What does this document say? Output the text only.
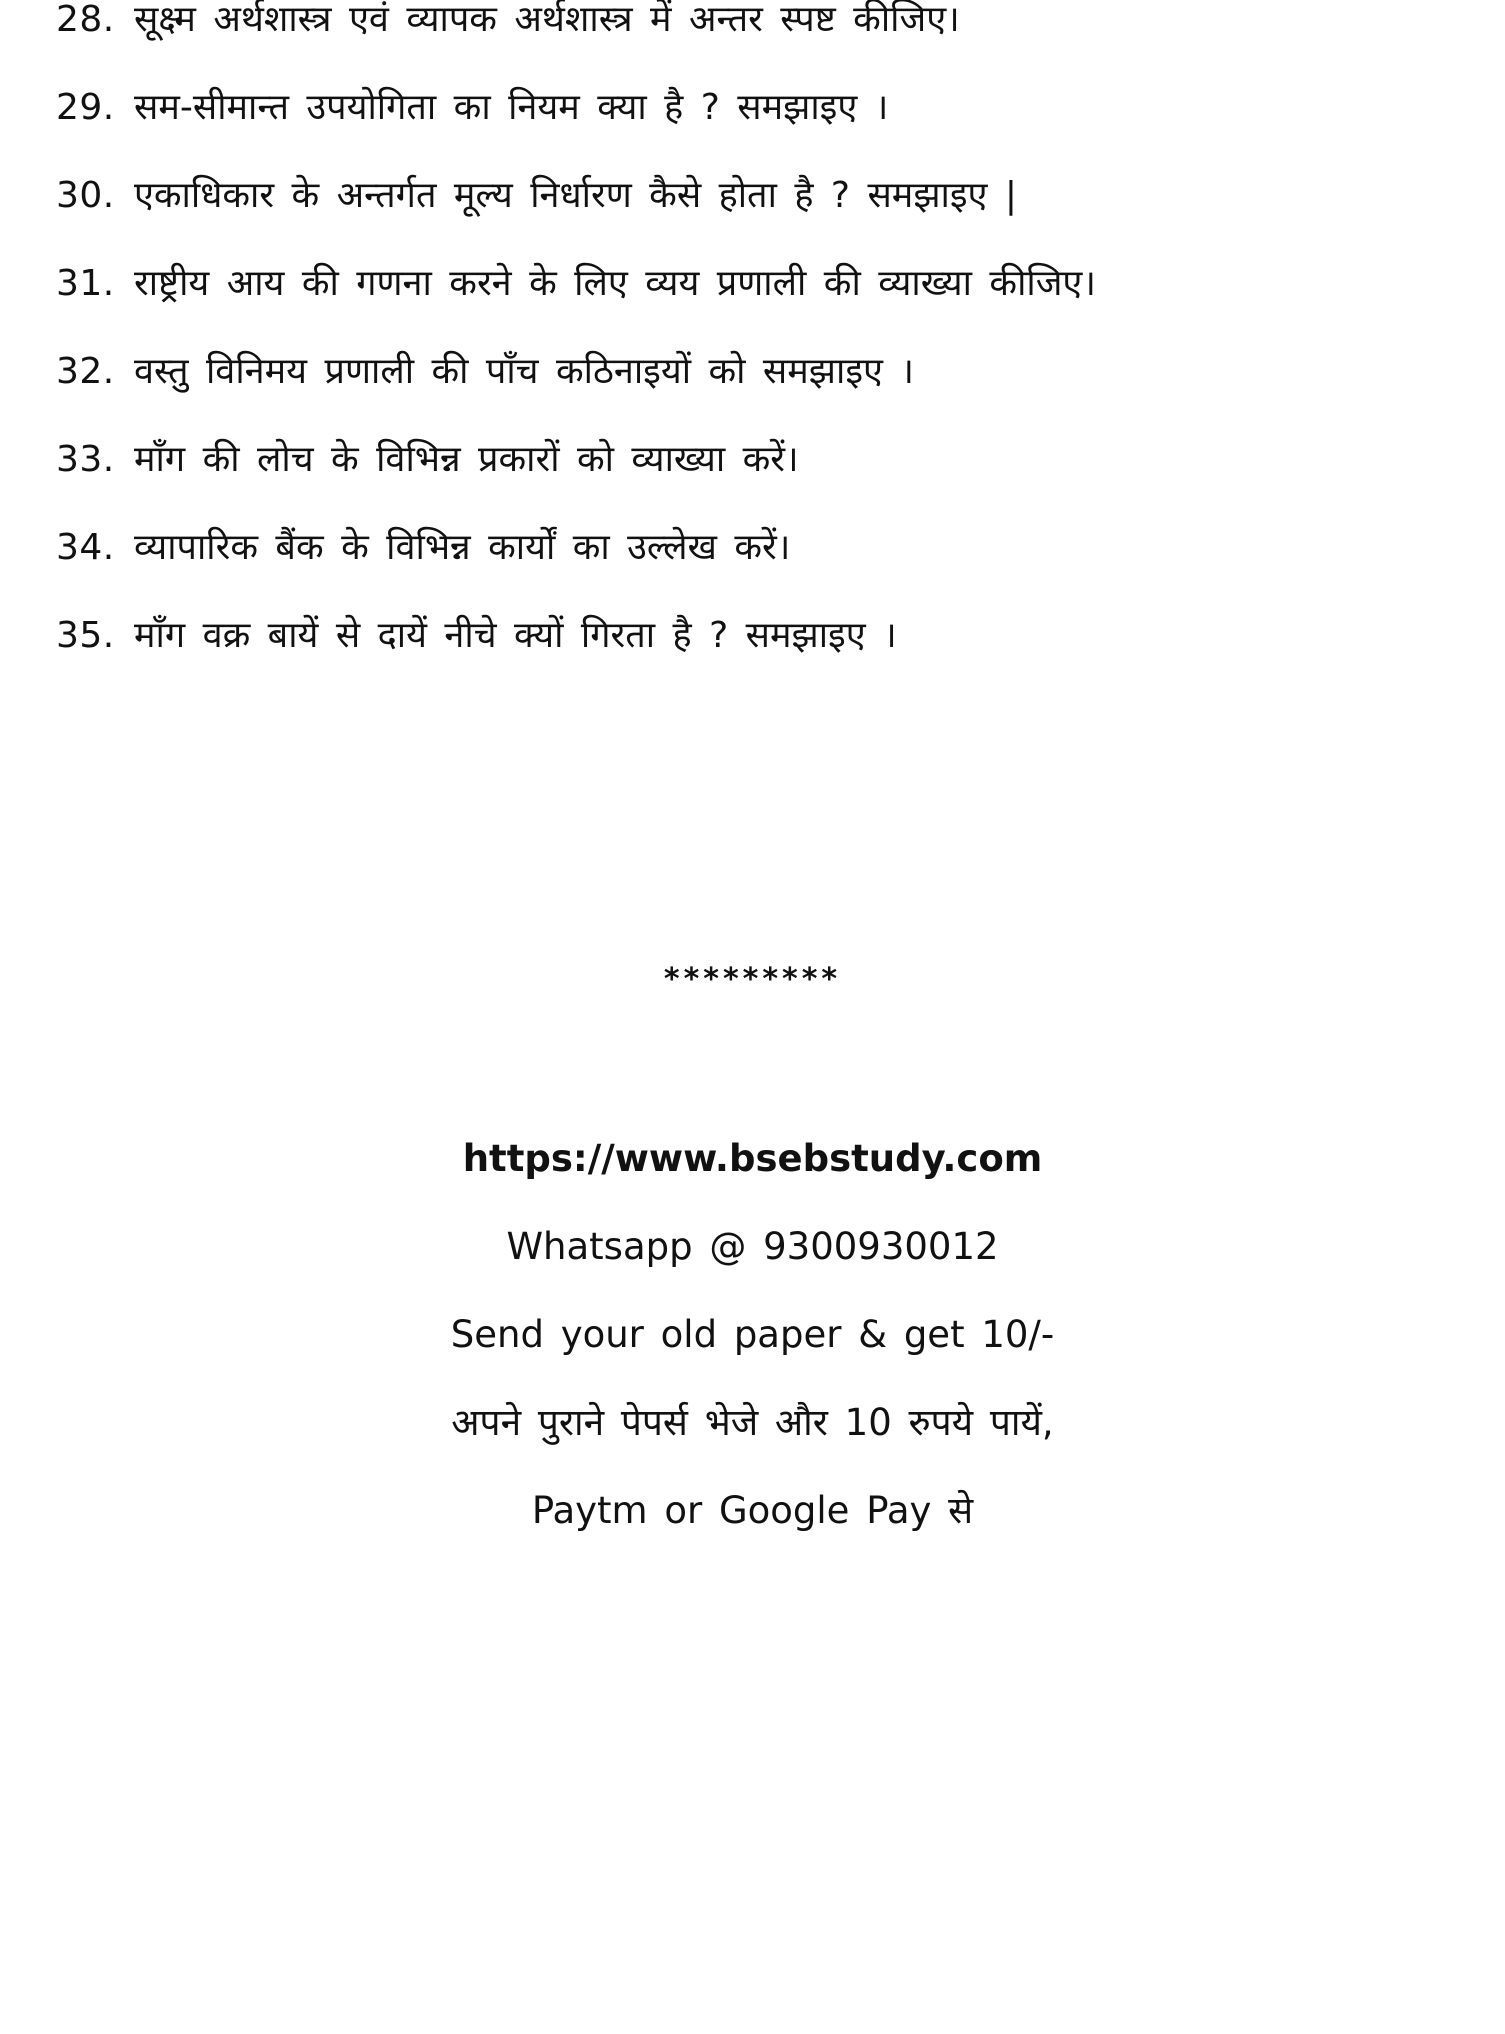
28. सूक्ष्म अर्थशास्त्र एवं व्यापक अर्थशास्त्र में अन्तर स्पष्ट कीजिए।
29. सम-सीमान्त उपयोगिता का नियम क्या है ? समझाइए ।
30. एकाधिकार के अन्तर्गत मूल्य निर्धारण कैसे होता है ? समझाइए |
31. राष्ट्रीय आय की गणना करने के लिए व्यय प्रणाली की व्याख्या कीजिए।
32. वस्तु विनिमय प्रणाली की पाँच कठिनाइयों को समझाइए ।
33. माँग की लोच के विभिन्न प्रकारों को व्याख्या करें।
34. व्यापारिक बैंक के विभिन्न कार्यों का उल्लेख करें।
35. माँग वक्र बायें से दायें नीचे क्यों गिरता है ? समझाइए ।
*********
https://www.bsebstudy.com
Whatsapp @ 9300930012
Send your old paper & get 10/-
अपने पुराने पेपर्स भेजे और 10 रुपये पायें,
Paytm or Google Pay से
